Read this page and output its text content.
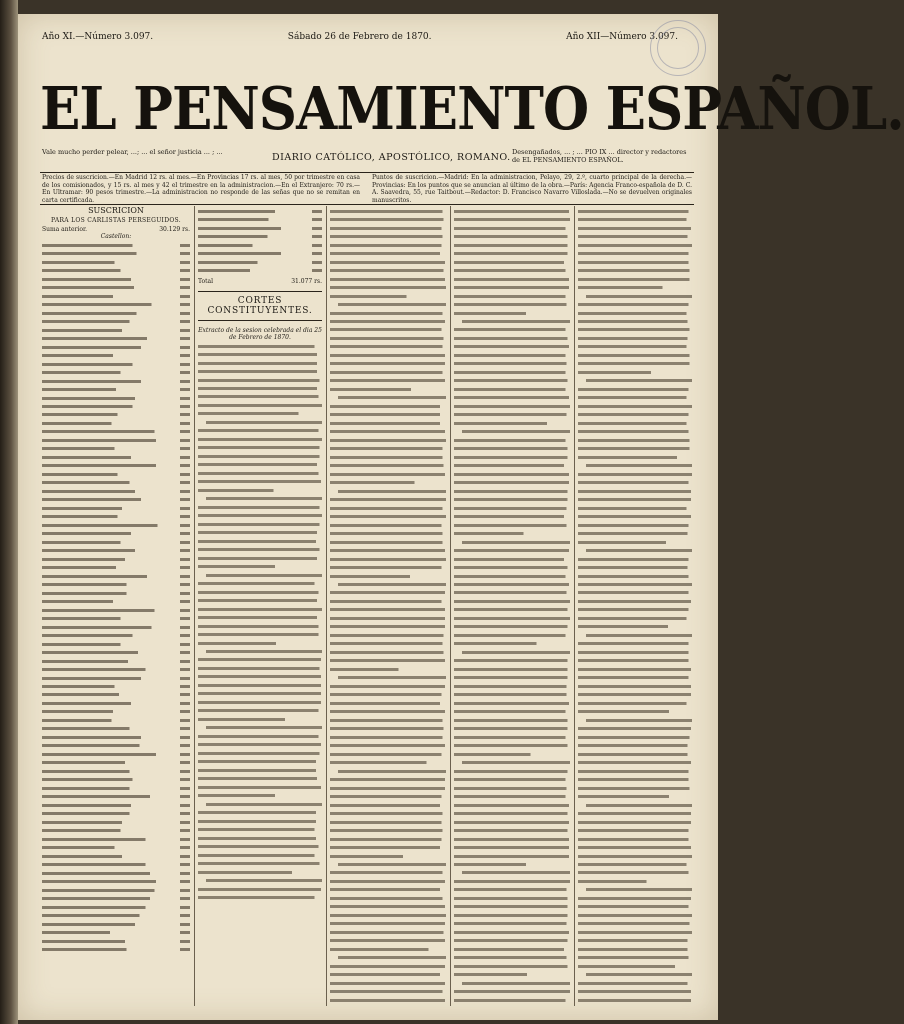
Año XI.—Número 3.097.	Sábado 26 de Febrero de 1870.	Año XII—Número 3.097.
EL PENSAMIENTO ESPAÑOL.
Vale mucho perder pelear, ...; ... el señor justicia ... ; ...	DIARIO CATÓLICO, APOSTÓLICO, ROMANO. Desengañados, ... ; ... PIO IX ... director y redactores de EL PENSAMIENTO ESPAÑOL.
Precios de suscricion.—En Madrid 12 rs. al mes.—En Provincias 17 rs. al mes, 50 por trimestre en casa de los comisionados, y 15 rs. al mes y 42 el trimestre en la administracion.—En el Extranjero: 70 rs.—En Ultramar: 90 pesos trimestre.—La administracion no responde de las señas que no se remitan en carta certificada.
Puntos de suscricion.—Madrid: En la administracion, Pelayo, 29, 2.º, cuarto principal de la derecha.—Provincias: En los puntos que se anuncian al último de la obra.—París: Agencia Franco-española de D. C. A. Saavedra, 55, rue Taitbout.—Redactor: D. Francisco Navarro Villoslada.—No se devuelven originales manuscritos.
SUSCRICION
PARA LOS CARLISTAS PERSEGUIDOS.
Suma anterior.	30.129 rs.
Castellon:
Total	31.077 rs.
CORTES CONSTITUYENTES.
Extracto de la sesion celebrada el dia 25 de Febrero de 1870.
